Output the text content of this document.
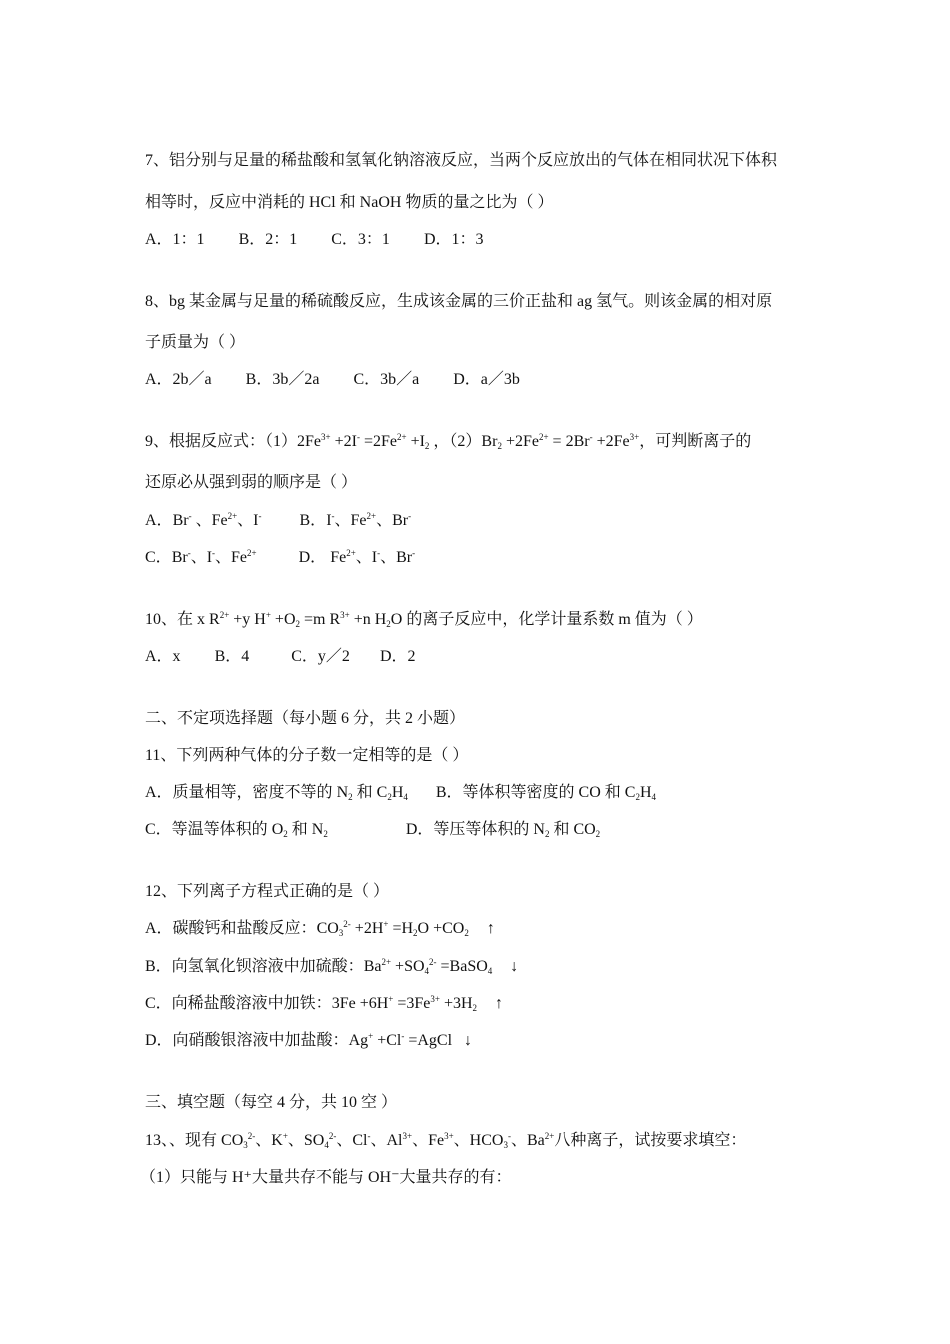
7、铝分别与足量的稀盐酸和氢氧化钠溶液反应，当两个反应放出的气体在相同状况下体积
相等时，反应中消耗的 HCl 和 NaOH 物质的量之比为（ ）
A．1：1 B．2：1 C．3：1 D．1：3
8、bg 某金属与足量的稀硫酸反应，生成该金属的三价正盐和 ag 氢气。则该金属的相对原
子质量为（ ）
A．2b／a B．3b／2a C．3b／a D．a／3b
9、根据反应式：$(1)2Fe^{3+} +2I^- =2Fe^{2+} +I_2$ ，$(2)Br_2 +2Fe^{2+} = 2Br^- +2Fe^{3+}$，可判断离子的
还原必从强到弱的顺序是（ ）
A．Br- 、$Fe^{2+}$、I- B．I-、$Fe^{2+}$、Br-
C．Br-、I-、$Fe^{2+}$	D． $Fe^{2+}$、I-、Br-
10、在 x $R^{2+} +y$ $H^+ +O_2 =m$ $R^{3+} +n$ $H_2O$ 的离子反应中，化学计量系数 m 值为（ ）
A．x B．4	C．y／2 D．2
二、不定项选择题（每小题 6 分，共 2 小题）
11、下列两种气体的分子数一定相等的是（ ）
A．质量相等，密度不等的 $N_2$ 和 $C_2H_4$ B．等体积等密度的 CO 和 $C_2H_4$
C．等温等体积的 $O_2$ 和 $N_2$	D．等压等体积的 $N_2$ 和 $CO_2$
12、下列离子方程式正确的是（ ）
A．碳酸钙和盐酸反应：$CO_3^{2-} +2H^+ =H_2O +CO_2$ ↑
B．向氢氧化钡溶液中加硫酸：$Ba^{2+} +SO_4^{2-}$ =BaSO$_4$ ↓
C．向稀盐酸溶液中加铁：$3Fe +6H^+ =3Fe^{3+} +3H_2$ ↑
D．向硝酸银溶液中加盐酸：Ag+ +Cl- =AgCl ↓
三、填空题（每空 4 分，共 10 空 ）
13、、现有 $CO_3^{2-}$、K+、$SO_4^{2-}$、Cl-、$Al^{3+}$、$Fe^{3+}$、$HCO_3^-$、$Ba^{2+}$八种离子，试按要求填空：
（1）只能与 H⁺大量共存不能与 OH⁻大量共存的有：
